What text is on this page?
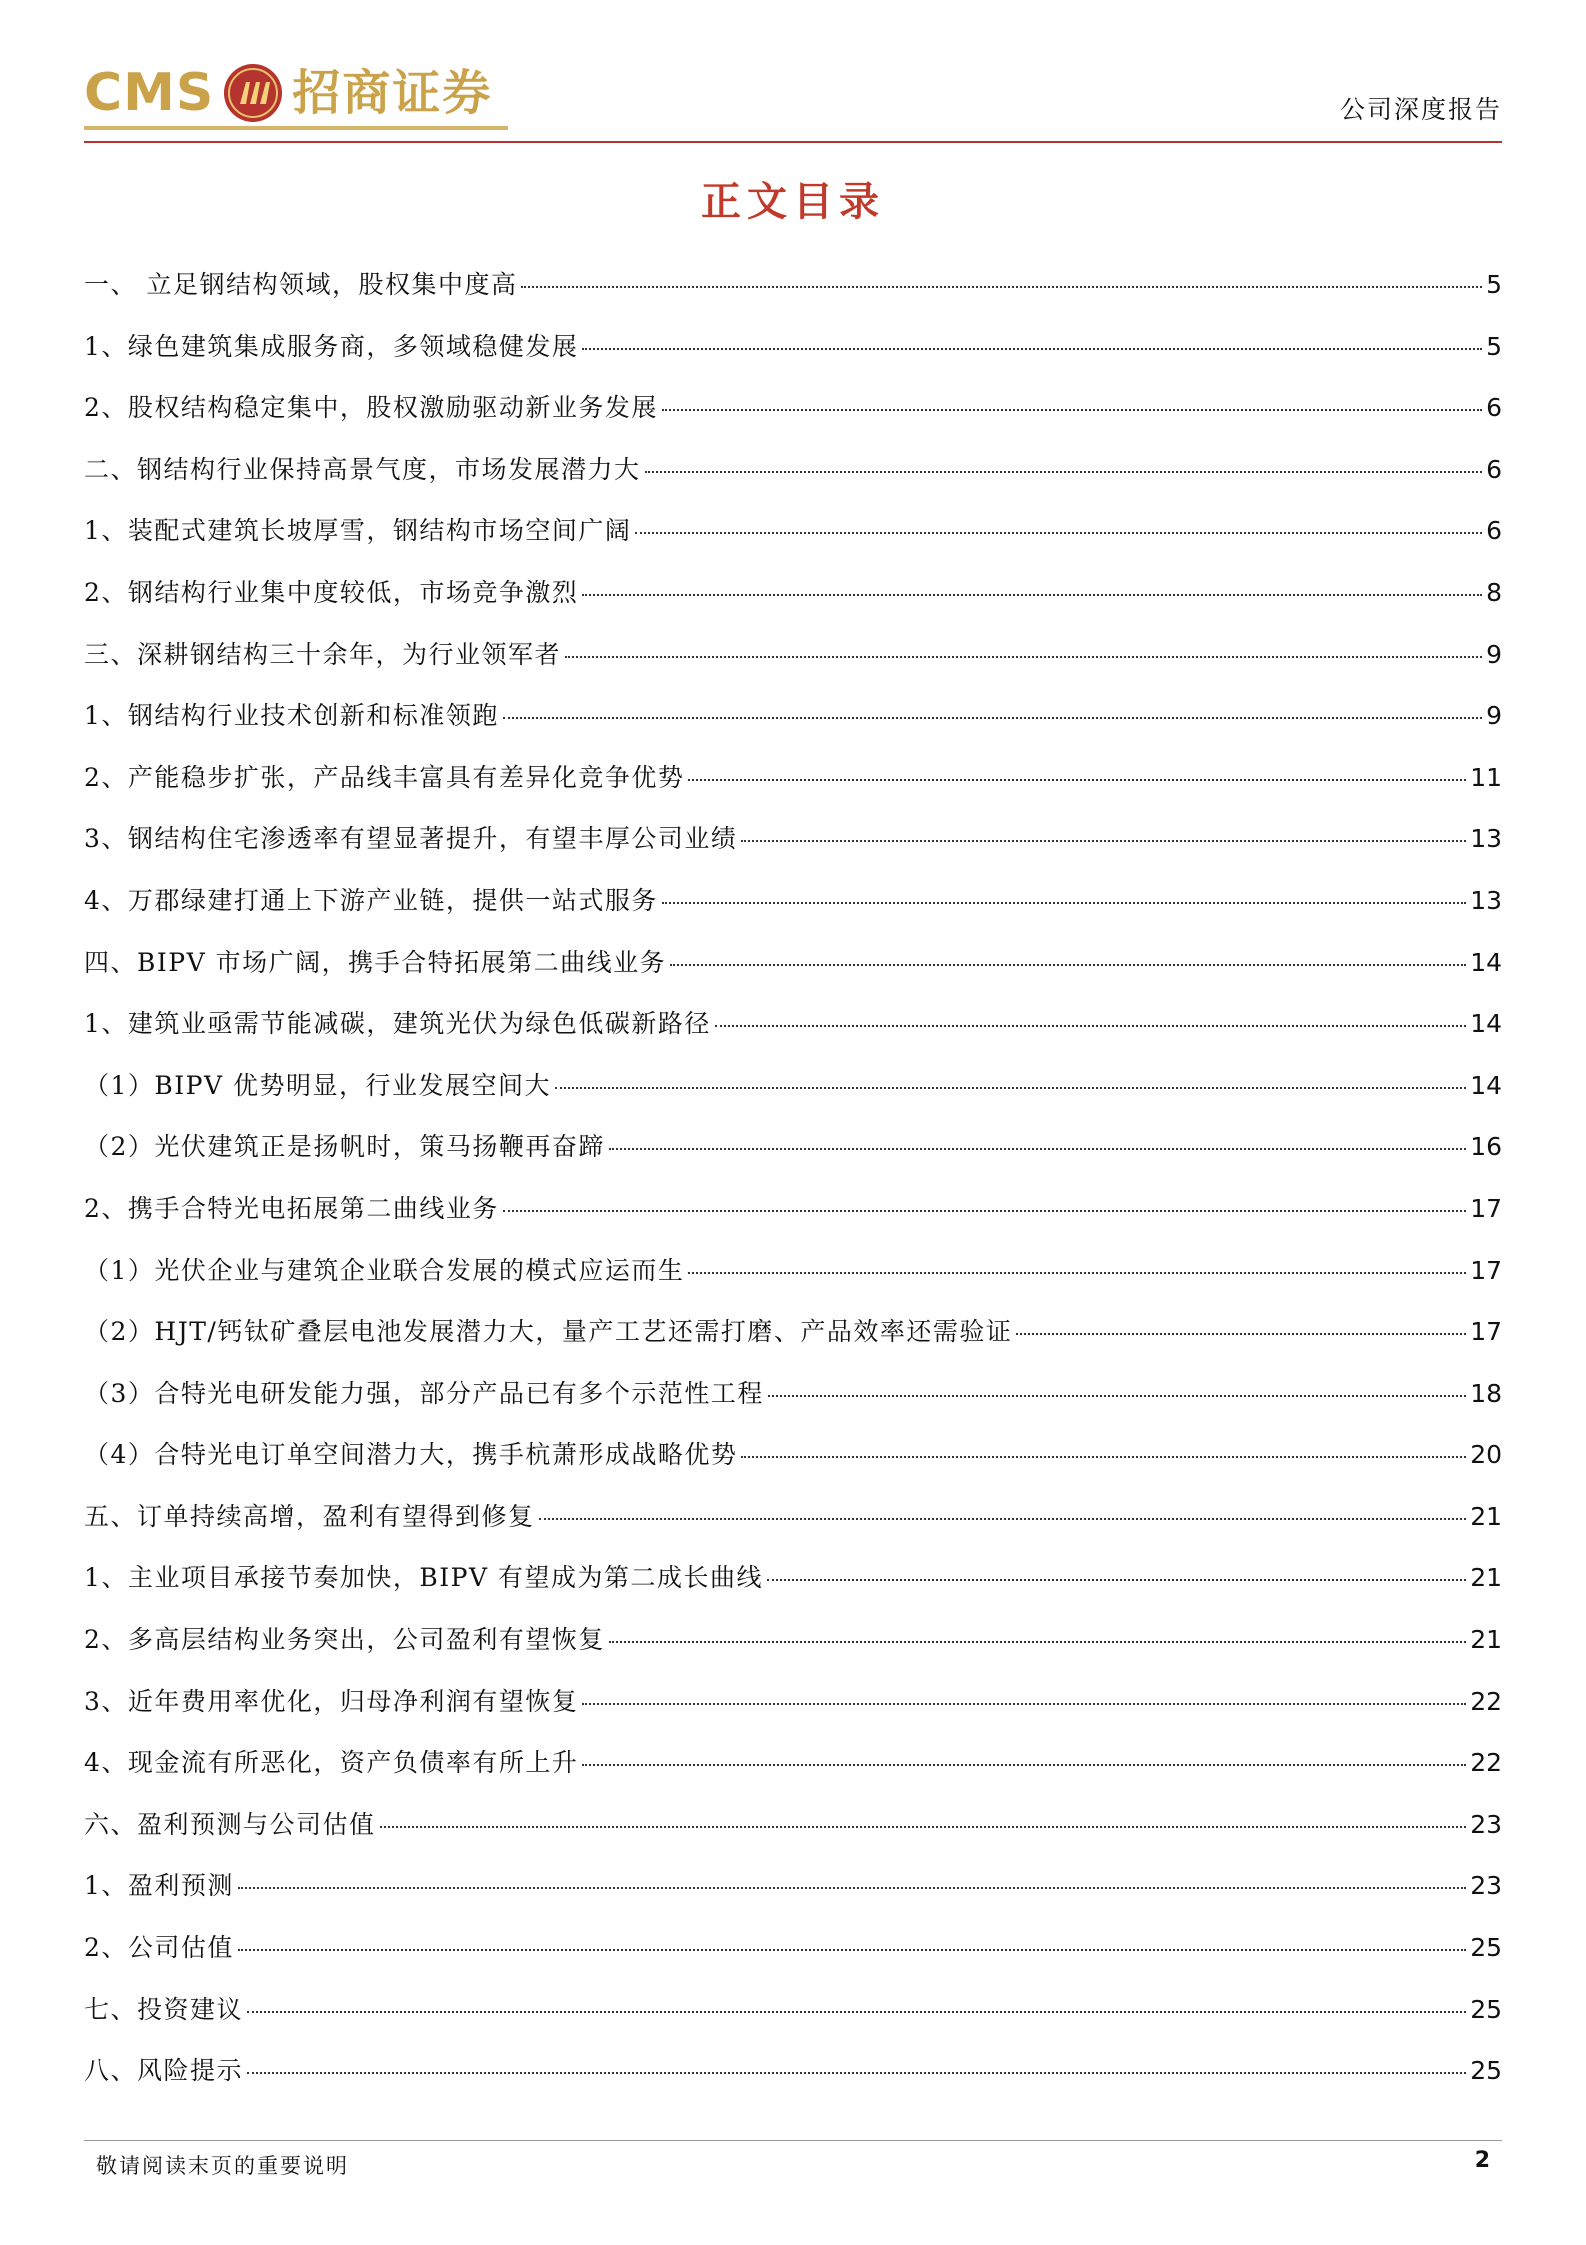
CMS 招商证券	公司深度报告
正文目录
一、 立足钢结构领域，股权集中度高	5
1、绿色建筑集成服务商，多领域稳健发展	5
2、股权结构稳定集中，股权激励驱动新业务发展	6
二、钢结构行业保持高景气度，市场发展潜力大	6
1、装配式建筑长坡厚雪，钢结构市场空间广阔	6
2、钢结构行业集中度较低，市场竞争激烈	8
三、深耕钢结构三十余年，为行业领军者	9
1、钢结构行业技术创新和标准领跑	9
2、产能稳步扩张，产品线丰富具有差异化竞争优势	11
3、钢结构住宅渗透率有望显著提升，有望丰厚公司业绩	13
4、万郡绿建打通上下游产业链，提供一站式服务	13
四、BIPV 市场广阔，携手合特拓展第二曲线业务	14
1、建筑业亟需节能减碳，建筑光伏为绿色低碳新路径	14
（1）BIPV 优势明显，行业发展空间大	14
（2）光伏建筑正是扬帆时，策马扬鞭再奋蹄	16
2、携手合特光电拓展第二曲线业务	17
（1）光伏企业与建筑企业联合发展的模式应运而生	17
（2）HJT/钙钛矿叠层电池发展潜力大，量产工艺还需打磨、产品效率还需验证	17
（3）合特光电研发能力强，部分产品已有多个示范性工程	18
（4）合特光电订单空间潜力大，携手杭萧形成战略优势	20
五、订单持续高增，盈利有望得到修复	21
1、主业项目承接节奏加快，BIPV 有望成为第二成长曲线	21
2、多高层结构业务突出，公司盈利有望恢复	21
3、近年费用率优化，归母净利润有望恢复	22
4、现金流有所恶化，资产负债率有所上升	22
六、盈利预测与公司估值	23
1、盈利预测	23
2、公司估值	25
七、投资建议	25
八、风险提示	25
敬请阅读末页的重要说明	2
